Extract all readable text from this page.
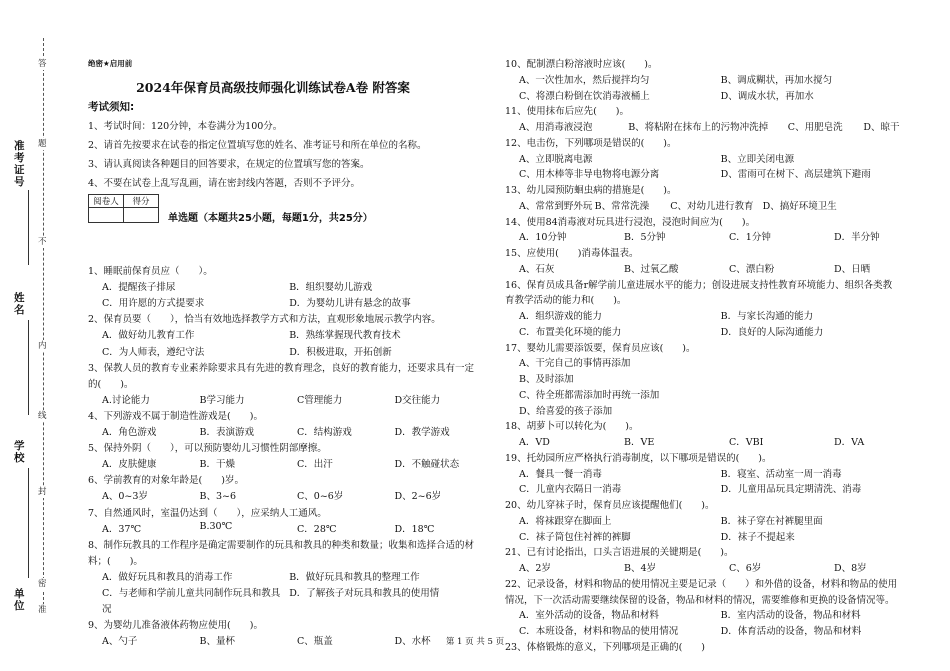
答
题
不
内
线
封
密
准
准考证号
姓名
学校
单位
绝密★启用前
2024年保育员高级技师强化训练试卷A卷 附答案
考试须知:
1、考试时间：120分钟，本卷满分为100分。
2、请首先按要求在试卷的指定位置填写您的姓名、准考证号和所在单位的名称。
3、请认真阅读各种题目的回答要求，在规定的位置填写您的答案。
4、不要在试卷上乱写乱画，请在密封线内答题，否则不予评分。
阅卷人	得分

单选题（本题共25小题，每题1分，共25分）
1、睡眠前保育员应（　　）。
A．提醒孩子排尿	B．组织婴幼儿游戏
C．用许愿的方式提要求	D．为婴幼儿讲有悬念的故事
2、保育员要（　　），恰当有效地选择教学方式和方法，直观形象地展示教学内容。
A．做好幼儿教育工作	B．熟练掌握现代教育技术
C．为人师表，遵纪守法	D．积极进取，开拓创新
3、保教人员的教育专业素养除要求具有先进的教育理念，良好的教育能力，还要求具有一定
的(　　)。
A.讨论能力	B学习能力	C管理能力	D交往能力
4、下列游戏不属于制造性游戏是(　　)。
A．角色游戏	B．表演游戏	C．结构游戏	D．教学游戏
5、保持外阴（　　），可以预防婴幼儿习惯性阴部摩擦。
A．皮肤健康	B．干燥	C．出汗	D．不触碰状态
6、学前教育的对象年龄是(　　)岁。
A、0~3岁	B、3~6	C、0~6岁	D、2~6岁
7、自然通风时，室温仍达到（　　），应采纳人工通风。
A．37℃	B.30℃	C．28℃	D．18℃
8、制作玩教具的工作程序是确定需要制作的玩具和教具的种类和数量；收集和选择合适的材
料；(　　)。
A．做好玩具和教具的消毒工作	B．做好玩具和教具的整理工作
C．与老师和学前儿童共同制作玩具和教具 D．了解孩子对玩具和教具的使用情
况
9、为婴幼儿准备液体药物应使用(　　)。
A、勺子	B、量杯	C、瓶盖	D、水杯
10、配制漂白粉溶液时应该(　　)。
A、一次性加水，然后搅拌均匀	B、调成糊状，再加水搅匀
C、将漂白粉倒在饮消毒液桶上	D、调成水状，再加水
11、使用抹布后应先(　　)。
A、用消毒液浸泡	B、将粘附在抹布上的污物冲洗掉 C、用肥皂洗 D、晾干
12、电击伤，下列哪项是错误的(　　)。
A、立即脱离电源	B、立即关闭电源
C、用木棒等非导电物将电源分离	D、雷雨可在树下、高层建筑下避雨
13、幼儿园预防蛔虫病的措施是(　　)。
A、常常到野外玩 B、常常洗澡 C、对幼儿进行教育 D、搞好环境卫生
14、使用84消毒液对玩具进行浸泡，浸泡时间应为(　　)。
A．10分钟	B．5分钟	C．1分钟	D．半分钟
15、应使用(　　)消毒体温表。
A、石灰	B、过氧乙酸	C、漂白粉	D、日晒
16、保育员成具备r解学前儿童进展水平的能力；创设进展支持性教育环境能力、组织各类教
育教学活动的能力和(　　)。
A．组织游戏的能力	B．与家长沟通的能力
C．布置美化环境的能力	D．良好的人际沟通能力
17、婴幼儿需要添饭要，保育员应该(　　)。
A、干完自己的事情再添加
B、及时添加
C、待全班都需添加时再统一添加
D、给喜爱的孩子添加
18、胡萝卜可以转化为(　　)。
A．VD	B．VE	C．VBI	D．VA
19、托幼园所应严格执行消毒制度，以下哪项是错误的(　　)。
A．餐具一餐一消毒	B．寝室、活动室一周一消毒
C．儿童内衣隔日一消毒	D．儿童用品玩具定期清洗、消毒
20、幼儿穿袜子时，保育员应该提醒他们(　　)。
A．将袜跟穿在脚面上	B．袜子穿在衬裤腿里面
C．袜子筒包住衬裤的裤脚	D．袜子不提起来
21、已有讨论指出，口头言语进展的关键期是(　　)。
A、2岁	B、4岁	C、6岁	D、8岁
22、记录设备，材料和物品的使用情况主要是记录（　　）和外借的设备，材料和物品的使用
情况，下一次活动需要继续保留的设备，物品和材料的情况，需要维修和更换的设备情况等。
A．室外活动的设备，物品和材料	B．室内活动的设备，物品和材料
C．本班设备，材料和物品的使用情况	D．体育活动的设备，物品和材料
23、体格锻炼的意义，下列哪项是正确的(　　)
第 1 页 共 5 页
